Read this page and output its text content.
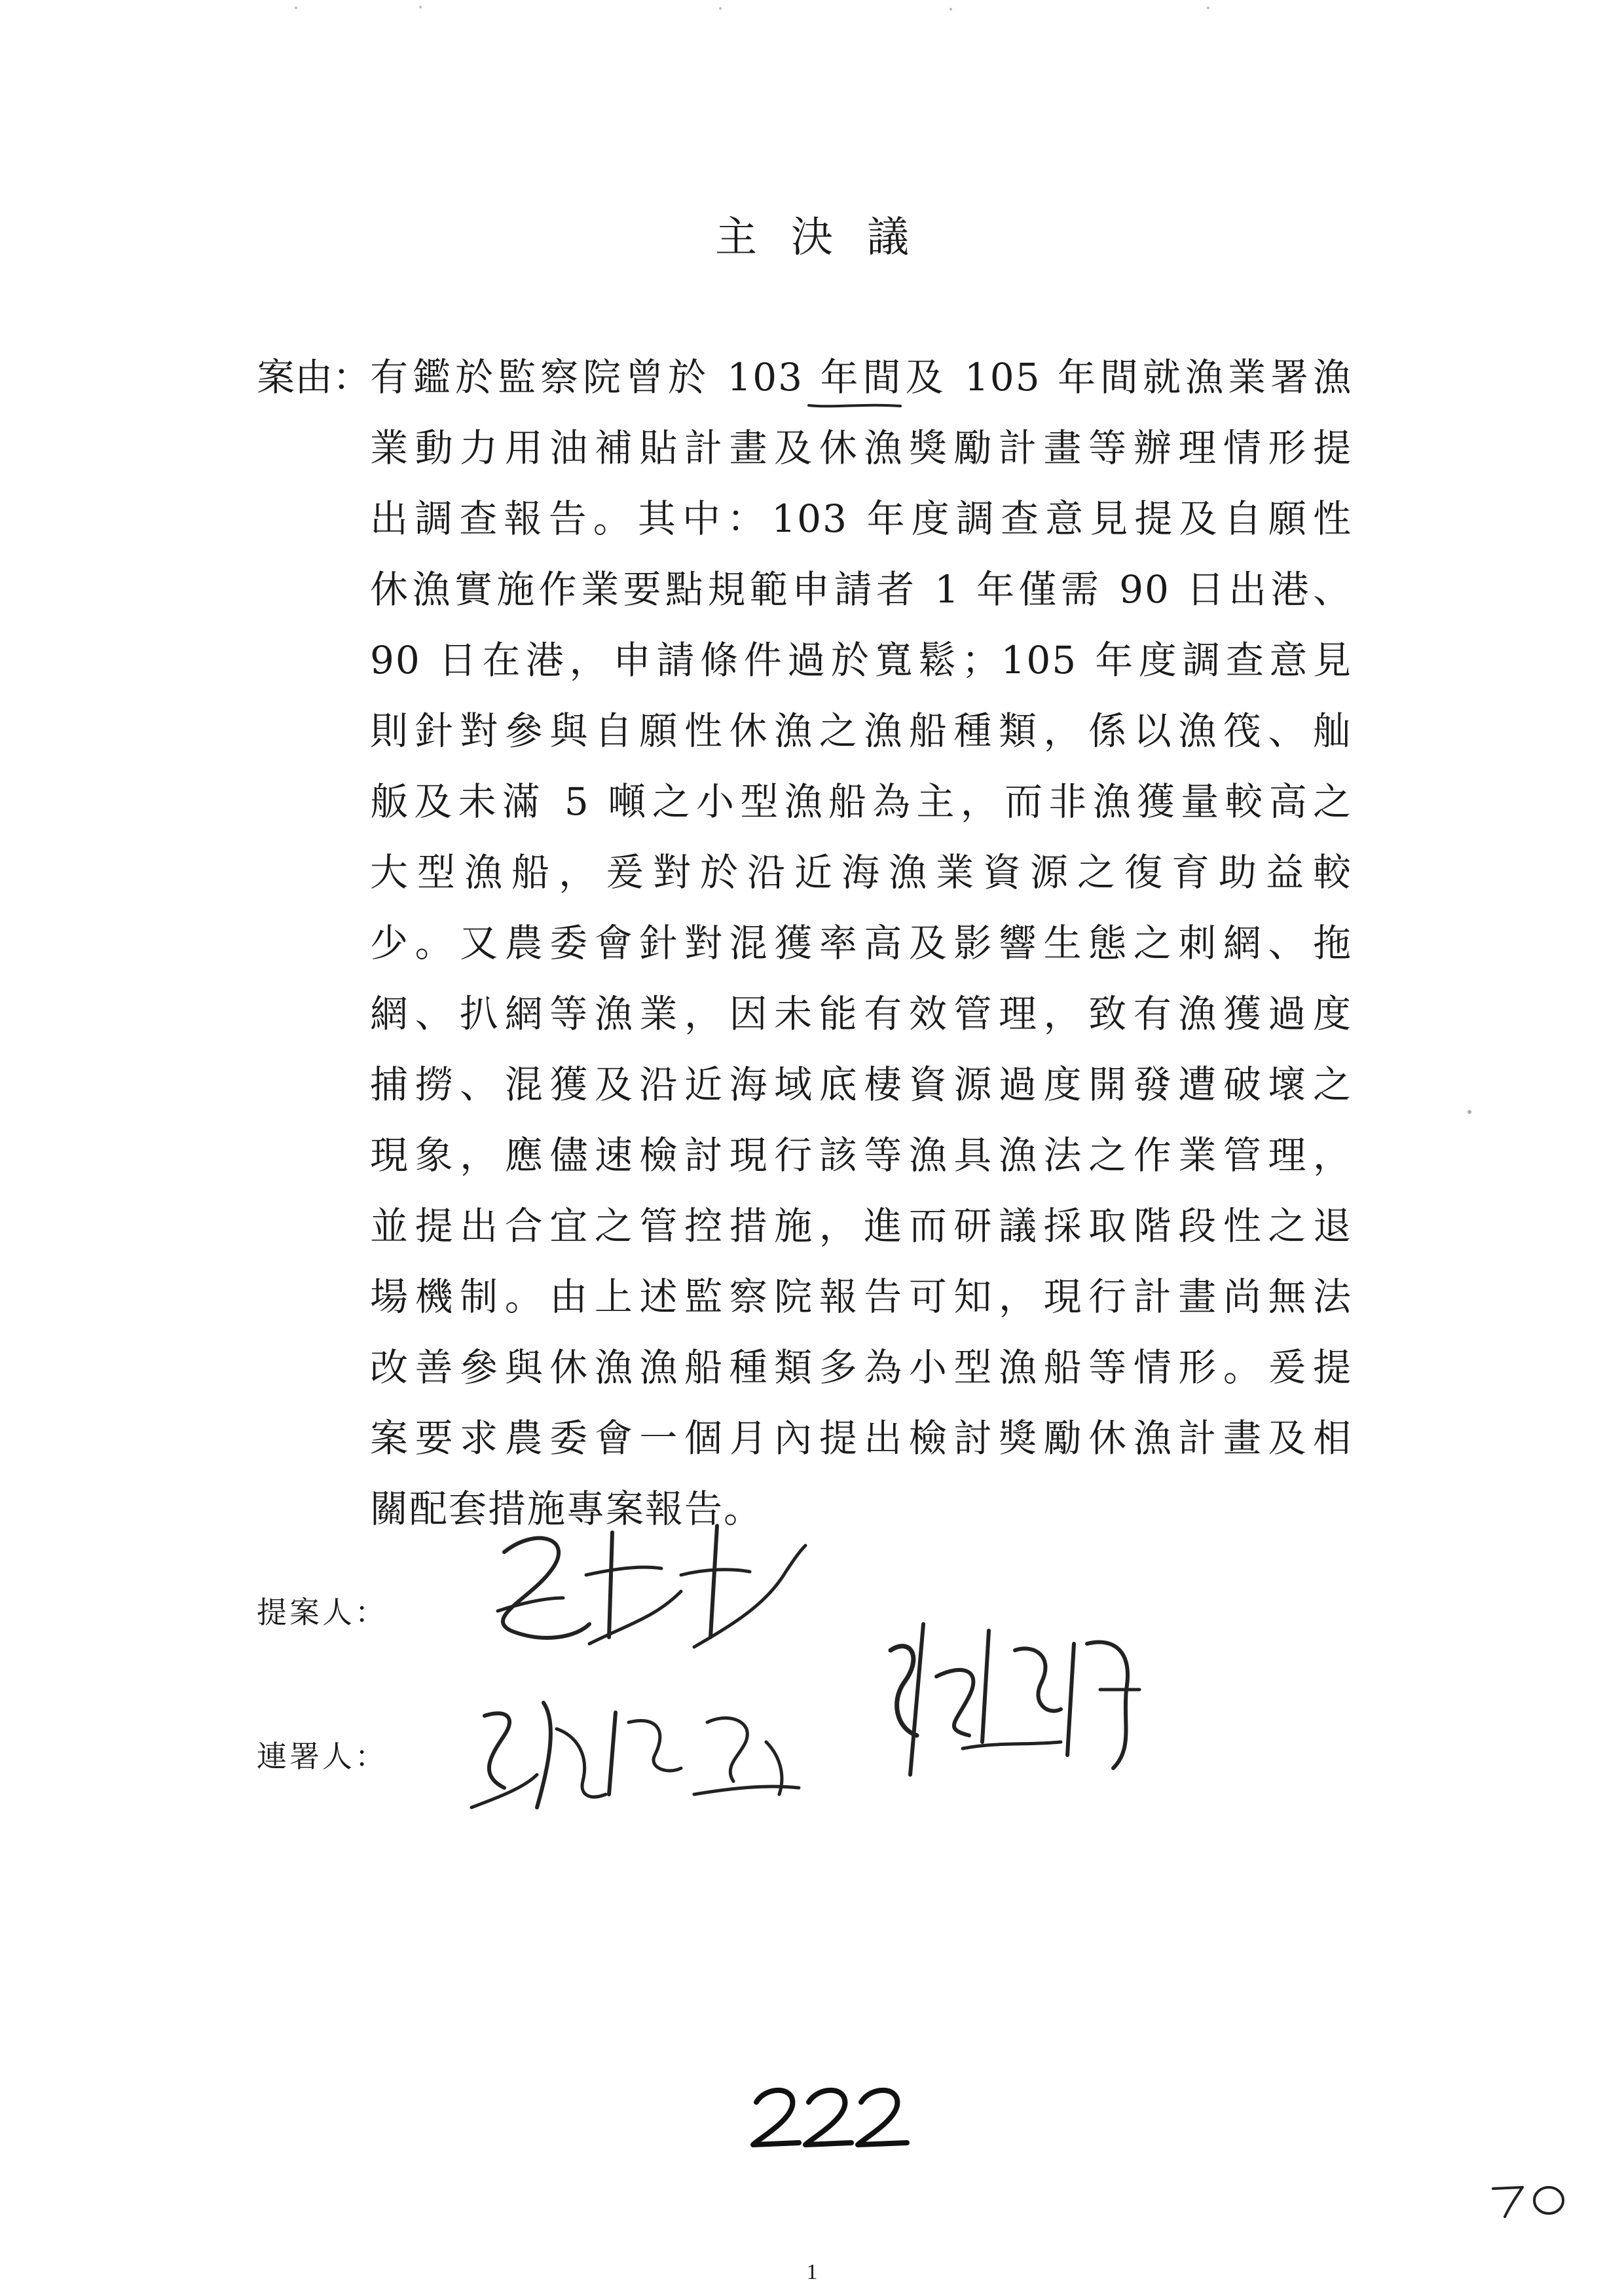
主決議
案由：
有鑑於監察院曾於 103 年間及 105 年間就漁業署漁
業動力用油補貼計畫及休漁獎勵計畫等辦理情形提
出調查報告。其中：103 年度調查意見提及自願性
休漁實施作業要點規範申請者 1 年僅需 90 日出港、
90 日在港，申請條件過於寬鬆；105 年度調查意見
則針對參與自願性休漁之漁船種類，係以漁筏、舢
舨及未滿 5 噸之小型漁船為主，而非漁獲量較高之
大型漁船，爰對於沿近海漁業資源之復育助益較
少。又農委會針對混獲率高及影響生態之刺網、拖
網、扒網等漁業，因未能有效管理，致有漁獲過度
捕撈、混獲及沿近海域底棲資源過度開發遭破壞之
現象，應儘速檢討現行該等漁具漁法之作業管理，
並提出合宜之管控措施，進而研議採取階段性之退
場機制。由上述監察院報告可知，現行計畫尚無法
改善參與休漁漁船種類多為小型漁船等情形。爰提
案要求農委會一個月內提出檢討獎勵休漁計畫及相
關配套措施專案報告。
提案人：
連署人：
1
